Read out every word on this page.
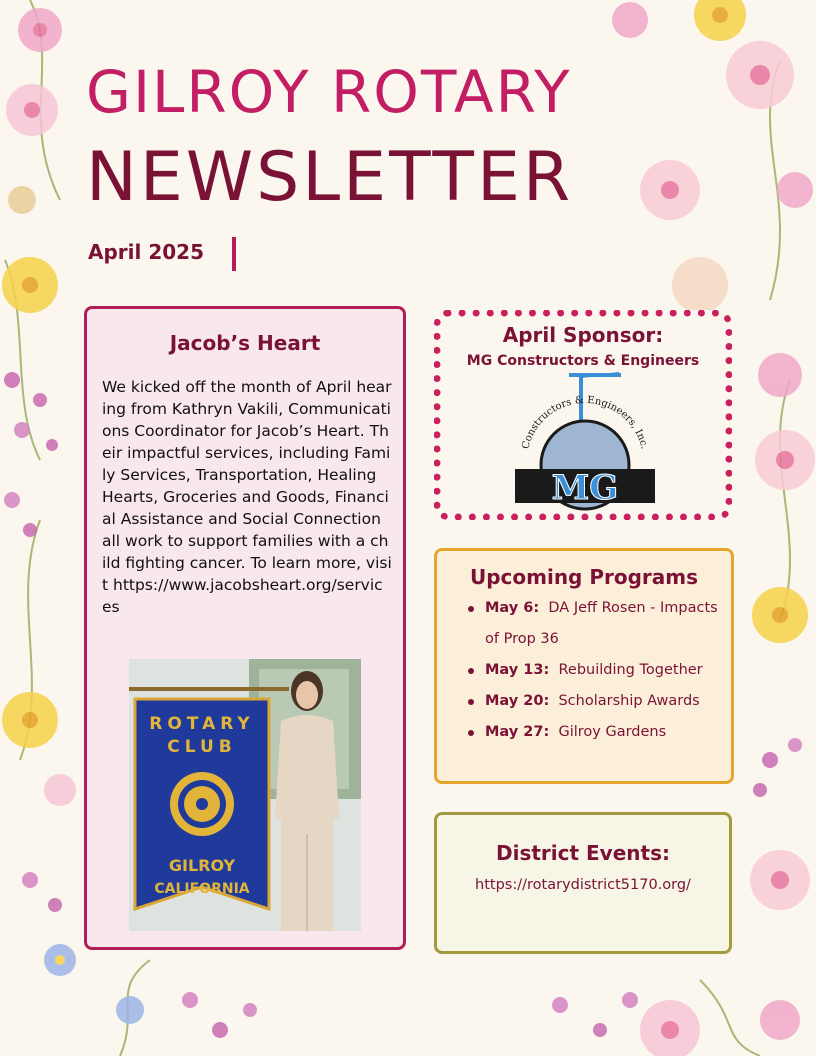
GILROY ROTARY
NEWSLETTER
April 2025
Jacob’s Heart

We kicked off the month of April hearing from Kathryn Vakili, Communications Coordinator for Jacob’s Heart. Their impactful services, including Family Services, Transportation, Healing Hearts, Groceries and Goods, Financial Assistance and Social Connection all work to support families with a child fighting cancer. To learn more, visit https://www.jacobsheart.org/services

ROTARY
CLUB
GILROY
CALIFORNIA
April Sponsor:
MG Constructors & Engineers
Constructors & Engineers, Inc.
MG
Upcoming Programs
May 6: DA Jeff Rosen - Impacts of Prop 36
May 13: Rebuilding Together
May 20: Scholarship Awards
May 27: Gilroy Gardens
District Events:
https://rotarydistrict5170.org/
